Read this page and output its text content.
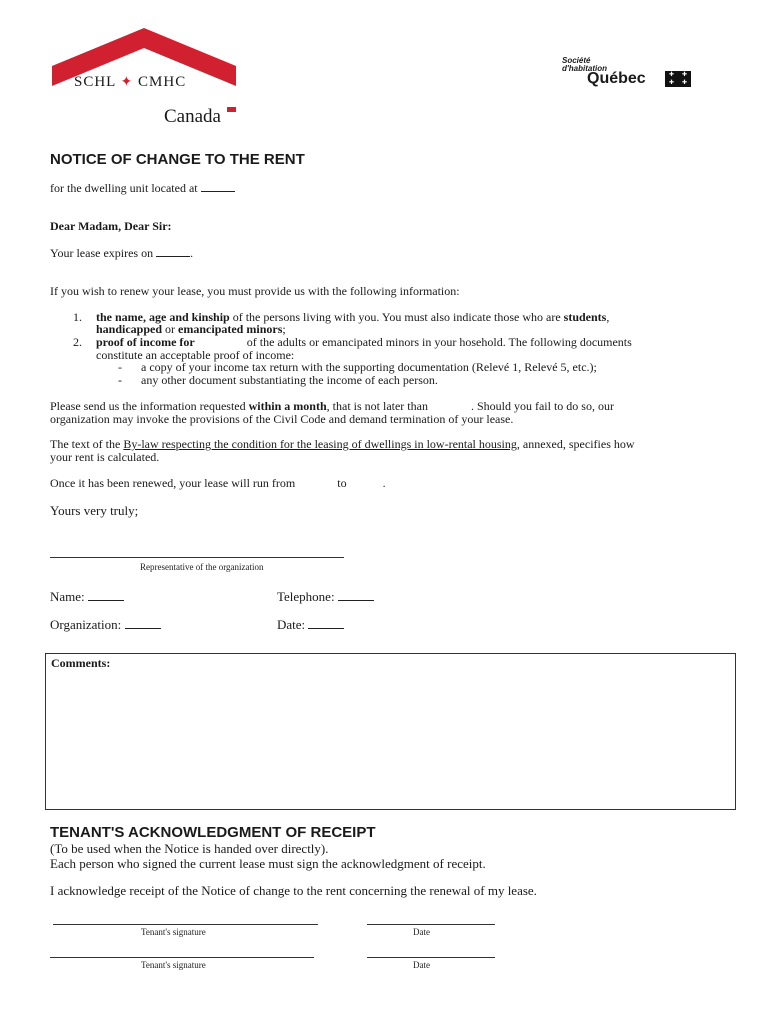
SCHL ✦ CMHC
Canada
Société
d'habitation
Québec	✚	✚
✚	✚
NOTICE OF CHANGE TO THE RENT
for the dwelling unit located at
Dear Madam, Dear Sir:
Your lease expires on	.
If you wish to renew your lease, you must provide us with the following information:
1. the name, age and kinship of the persons living with you. You must also indicate those who are students,
handicapped or emancipated minors;
2. proof of income for	of the adults or emancipated minors in your hosehold. The following documents
constitute an acceptable proof of income:
- a copy of your income tax return with the supporting documentation (Relevé 1, Relevé 5, etc.);
- any other document substantiating the income of each person.
Please send us the information requested within a month, that is not later than	. Should you fail to do so, our
organization may invoke the provisions of the Civil Code and demand termination of your lease.
The text of the By-law respecting the condition for the leasing of dwellings in low-rental housing, annexed, specifies how
your rent is calculated.
Once it has been renewed, your lease will run from	to	.
Yours very truly;
Representative of the organization
Name:	Telephone:
Organization:	Date:
Comments:
TENANT'S ACKNOWLEDGMENT OF RECEIPT
(To be used when the Notice is handed over directly).
Each person who signed the current lease must sign the acknowledgment of receipt.
I acknowledge receipt of the Notice of change to the rent concerning the renewal of my lease.
Tenant's signature	Date
Tenant's signature	Date
